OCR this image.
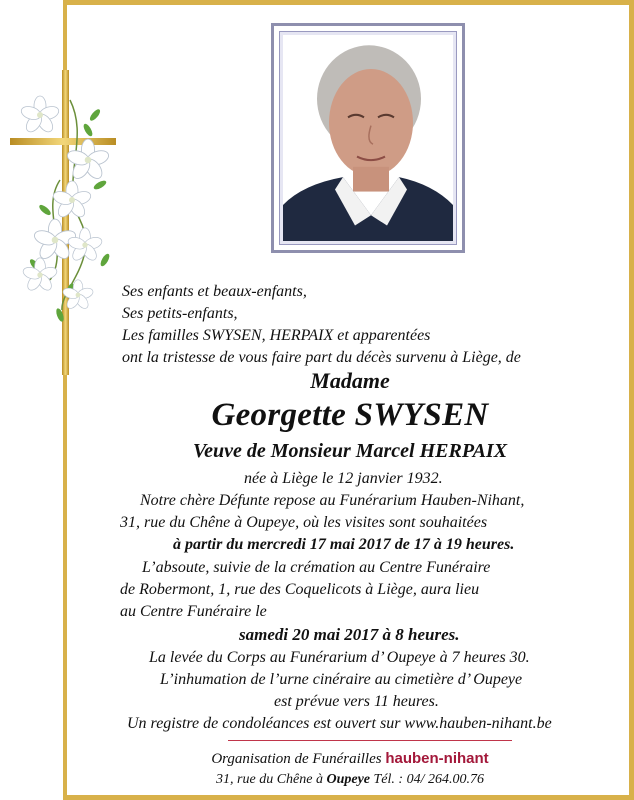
Ses enfants et beaux-enfants,
Ses petits-enfants,
Les familles SWYSEN, HERPAIX et apparentées
ont la tristesse de vous faire part du décès survenu à Liège, de
Madame
Georgette SWYSEN
Veuve de Monsieur Marcel HERPAIX
née à Liège le 12 janvier 1932.
Notre chère Défunte repose au Funérarium Hauben-Nihant,
31, rue du Chêne à Oupeye, où les visites sont souhaitées
à partir du mercredi 17 mai 2017 de 17 à 19 heures.
L’absoute, suivie de la crémation au Centre Funéraire
de Robermont, 1, rue des Coquelicots à Liège, aura lieu
au Centre Funéraire le
samedi 20 mai 2017 à 8 heures.
La levée du Corps au Funérarium d’ Oupeye à 7 heures 30.
L’inhumation de l’urne cinéraire au cimetière d’ Oupeye
est prévue vers 11 heures.
Un registre de condoléances est ouvert sur www.hauben-nihant.be
Organisation de Funérailles hauben-nihant
31, rue du Chêne à Oupeye Tél. : 04/ 264.00.76
